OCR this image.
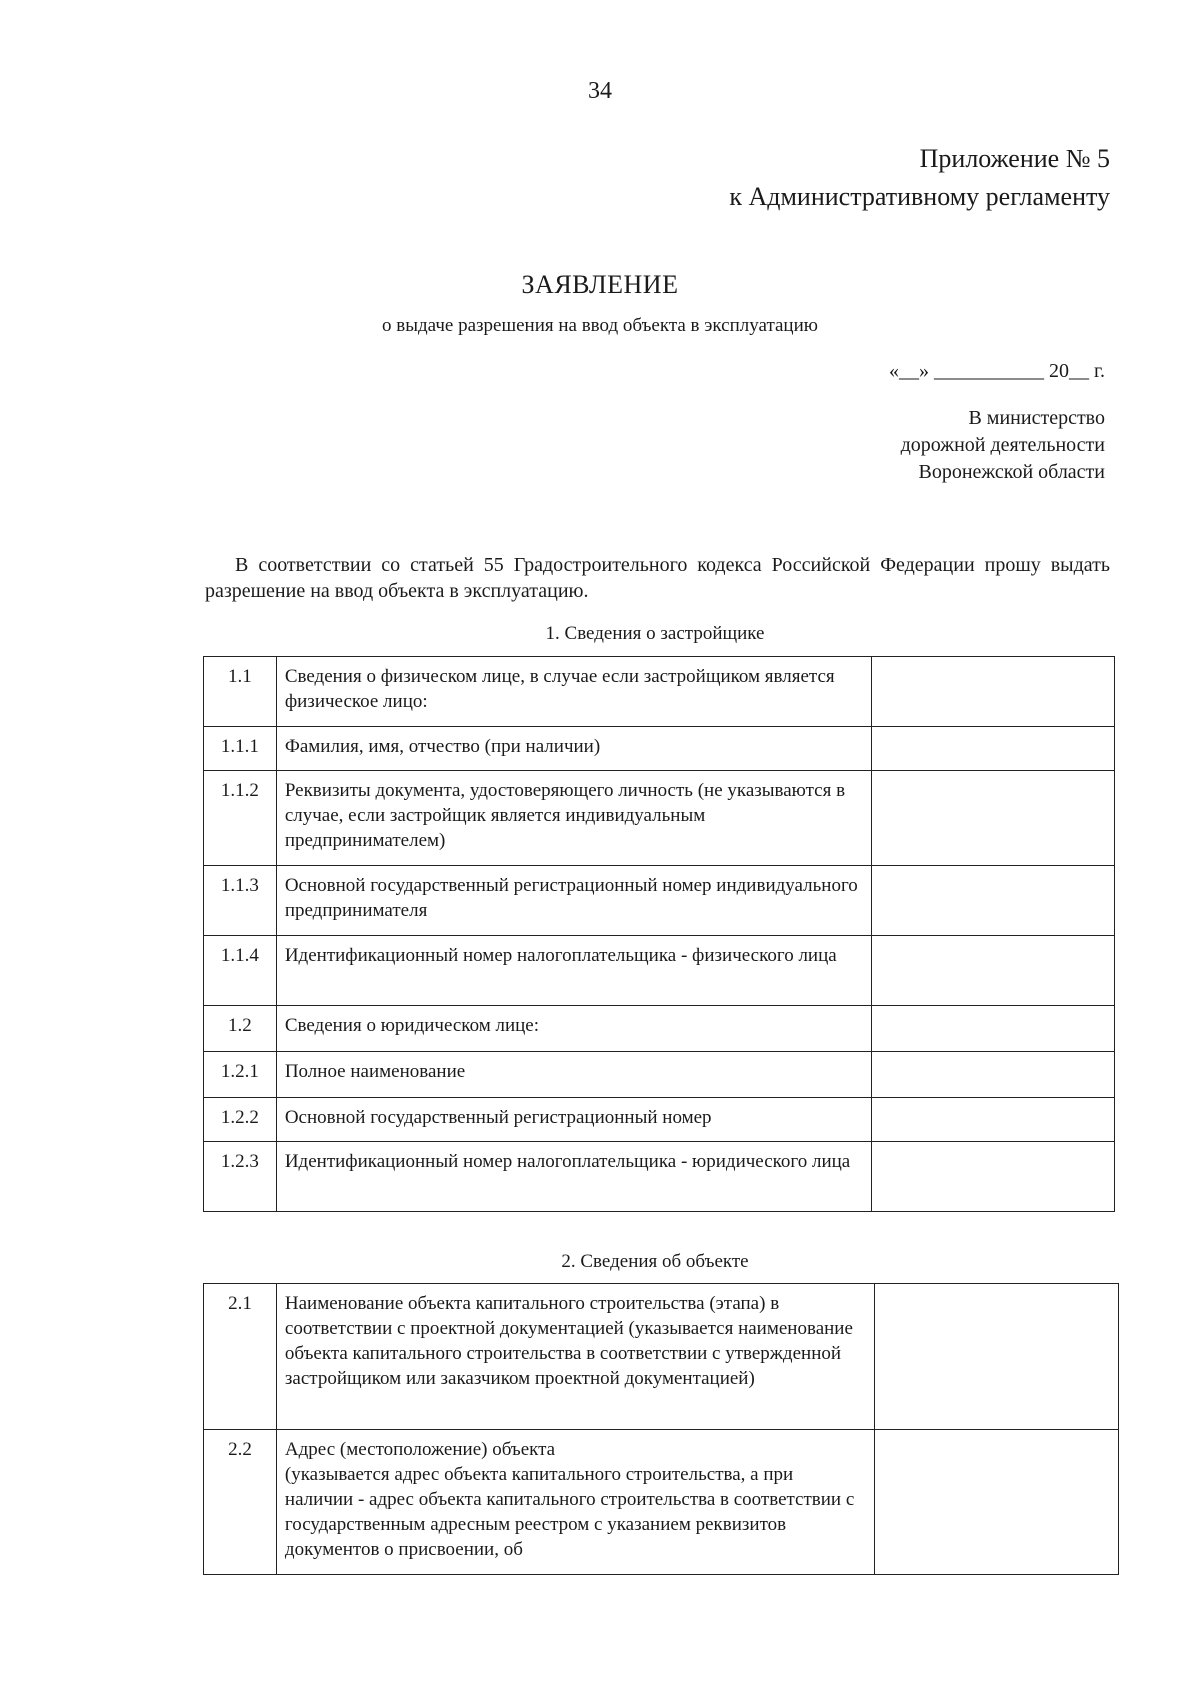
34
Приложение № 5
к Административному регламенту
ЗАЯВЛЕНИЕ
о выдаче разрешения на ввод объекта в эксплуатацию
«__» ___________ 20__ г.
В министерство
дорожной деятельности
Воронежской области
В соответствии со статьей 55 Градостроительного кодекса Российской Федерации прошу выдать разрешение на ввод объекта в эксплуатацию.
1. Сведения о застройщике
1.1	Сведения о физическом лице, в случае если застройщиком является физическое лицо:	
1.1.1	Фамилия, имя, отчество (при наличии)	
1.1.2	Реквизиты документа, удостоверяющего личность (не указываются в случае, если застройщик является индивидуальным предпринимателем)	
1.1.3	Основной государственный регистрационный номер индивидуального предпринимателя	
1.1.4	Идентификационный номер налогоплательщика - физического лица	
1.2	Сведения о юридическом лице:	
1.2.1	Полное наименование	
1.2.2	Основной государственный регистрационный номер	
1.2.3	Идентификационный номер налогоплательщика - юридического лица	
2. Сведения об объекте
2.1	Наименование объекта капитального строительства (этапа) в соответствии с проектной документацией (указывается наименование объекта капитального строительства в соответствии с утвержденной застройщиком или заказчиком проектной документацией)	
2.2	Адрес (местоположение) объекта
(указывается адрес объекта капитального строительства, а при наличии - адрес объекта капитального строительства в соответствии с государственным адресным реестром с указанием реквизитов документов о присвоении, об	
